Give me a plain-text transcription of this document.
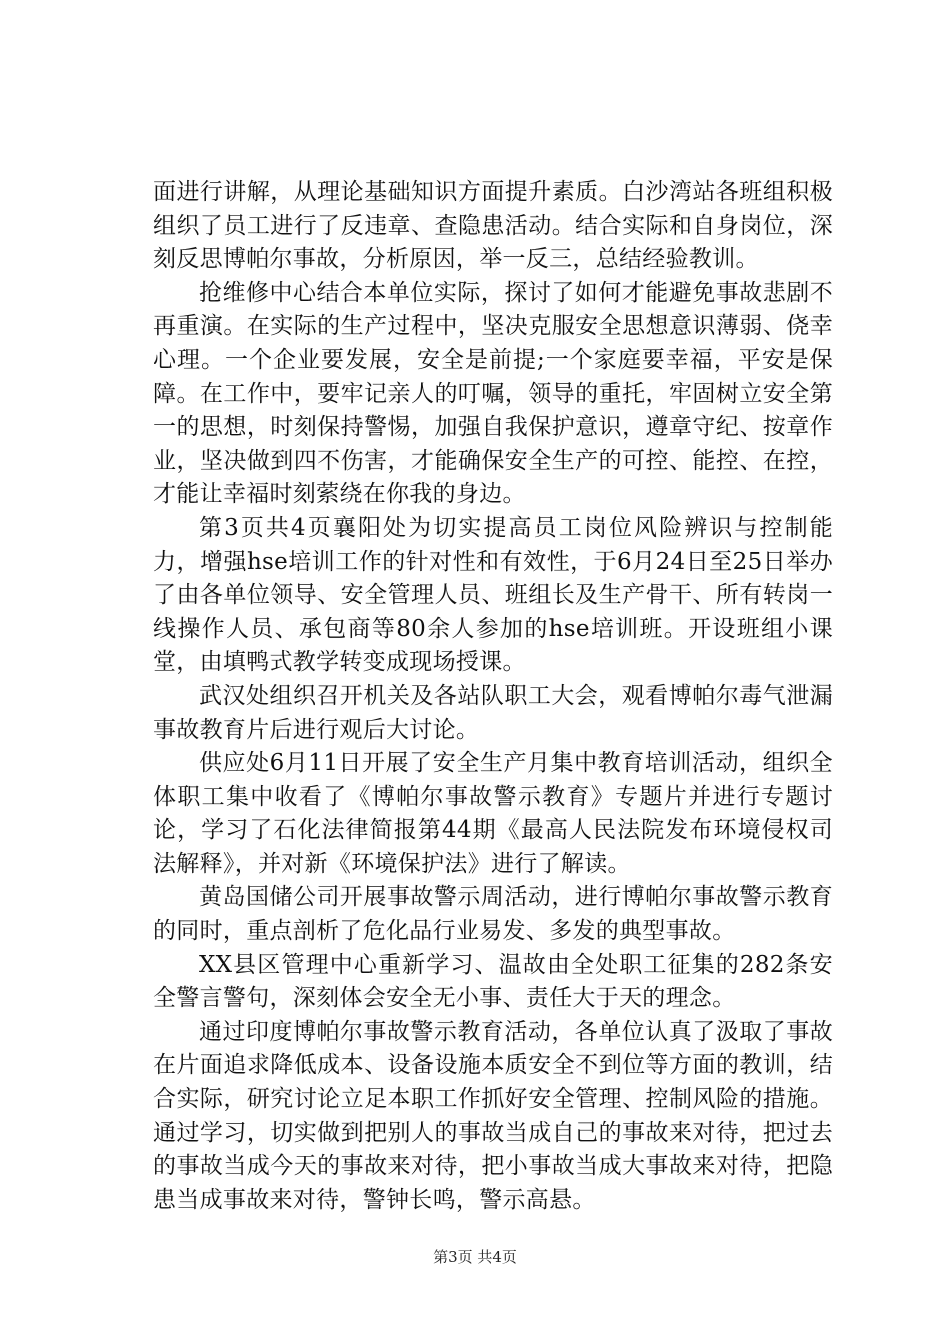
面进行讲解，从理论基础知识方面提升素质。白沙湾站各班组积极组织了员工进行了反违章、查隐患活动。结合实际和自身岗位，深刻反思博帕尔事故，分析原因，举一反三，总结经验教训。

抢维修中心结合本单位实际，探讨了如何才能避免事故悲剧不再重演。在实际的生产过程中，坚决克服安全思想意识薄弱、侥幸心理。一个企业要发展，安全是前提;一个家庭要幸福，平安是保障。在工作中，要牢记亲人的叮嘱，领导的重托，牢固树立安全第一的思想，时刻保持警惕，加强自我保护意识，遵章守纪、按章作业，坚决做到四不伤害，才能确保安全生产的可控、能控、在控，才能让幸福时刻萦绕在你我的身边。

第3页共4页襄阳处为切实提高员工岗位风险辨识与控制能力，增强hse培训工作的针对性和有效性，于6月24日至25日举办了由各单位领导、安全管理人员、班组长及生产骨干、所有转岗一线操作人员、承包商等80余人参加的hse培训班。开设班组小课堂，由填鸭式教学转变成现场授课。

武汉处组织召开机关及各站队职工大会，观看博帕尔毒气泄漏事故教育片后进行观后大讨论。

供应处6月11日开展了安全生产月集中教育培训活动，组织全体职工集中收看了《博帕尔事故警示教育》专题片并进行专题讨论，学习了石化法律简报第44期《最高人民法院发布环境侵权司法解释》，并对新《环境保护法》进行了解读。

黄岛国储公司开展事故警示周活动，进行博帕尔事故警示教育的同时，重点剖析了危化品行业易发、多发的典型事故。

XX县区管理中心重新学习、温故由全处职工征集的282条安全警言警句，深刻体会安全无小事、责任大于天的理念。

通过印度博帕尔事故警示教育活动，各单位认真了汲取了事故在片面追求降低成本、设备设施本质安全不到位等方面的教训，结合实际，研究讨论立足本职工作抓好安全管理、控制风险的措施。通过学习，切实做到把别人的事故当成自己的事故来对待，把过去的事故当成今天的事故来对待，把小事故当成大事故来对待，把隐患当成事故来对待，警钟长鸣，警示高悬。

第3页 共4页
